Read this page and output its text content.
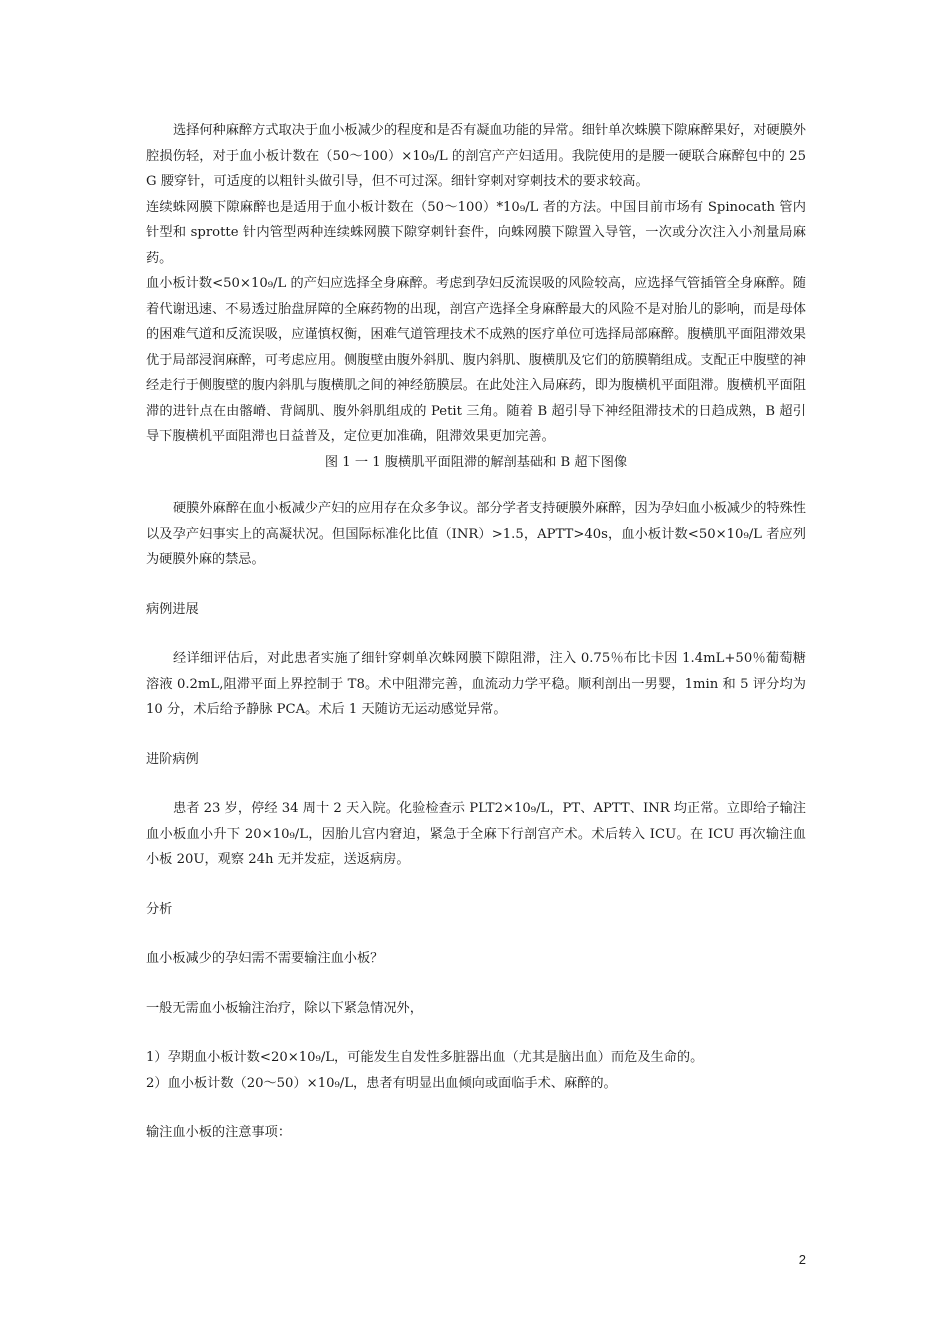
选择何种麻醉方式取决于血小板减少的程度和是否有凝血功能的异常。细针单次蛛膜下隙麻醉果好，对硬膜外腔损伤轻，对于血小板计数在（50～100）×10₉/L 的剖宫产产妇适用。我院使用的是腰一硬联合麻醉包中的 25G 腰穿针，可适度的以粗针头做引导，但不可过深。细针穿刺对穿刺技术的要求较高。

连续蛛网膜下隙麻醉也是适用于血小板计数在（50～100）*10₉/L 者的方法。中国目前市场有 Spinocath 管内针型和 sprotte 针内管型两种连续蛛网膜下隙穿刺针套件，向蛛网膜下隙置入导管，一次或分次注入小剂量局麻药。

血小板计数<50×10₉/L 的产妇应选择全身麻醉。考虑到孕妇反流误吸的风险较高，应选择气管插管全身麻醉。随着代谢迅速、不易透过胎盘屏障的全麻药物的出现，剖宫产选择全身麻醉最大的风险不是对胎儿的影响，而是母体的困难气道和反流误吸，应谨慎权衡，困难气道管理技术不成熟的医疗单位可选择局部麻醉。腹横肌平面阻滞效果优于局部浸润麻醉，可考虑应用。侧腹壁由腹外斜肌、腹内斜肌、腹横肌及它们的筋膜鞘组成。支配正中腹壁的神经走行于侧腹壁的腹内斜肌与腹横肌之间的神经筋膜层。在此处注入局麻药，即为腹横机平面阻滞。腹横机平面阻滞的进针点在由髂嵴、背阔肌、腹外斜肌组成的 Petit 三角。随着 B 超引导下神经阻滞技术的日趋成熟，B 超引导下腹横机平面阻滞也日益普及，定位更加准确，阻滞效果更加完善。

图 1 一 1 腹横肌平面阻滞的解剖基础和 B 超下图像

硬膜外麻醉在血小板减少产妇的应用存在众多争议。部分学者支持硬膜外麻醉，因为孕妇血小板减少的特殊性以及孕产妇事实上的高凝状况。但国际标准化比值（INR）>1.5，APTT>40s，血小板计数<50×10₉/L 者应列为硬膜外麻的禁忌。

病例进展

经详细评估后，对此患者实施了细针穿刺单次蛛网膜下隙阻滞，注入 0.75％布比卡因 1.4mL+50％葡萄糖溶液 0.2mL,阻滞平面上界控制于 T8。术中阻滞完善，血流动力学平稳。顺利剖出一男婴，1min 和 5 评分均为 10 分，术后给予静脉 PCA。术后 1 天随访无运动感觉异常。

进阶病例

患者 23 岁，停经 34 周十 2 天入院。化验检查示 PLT2×10₉/L，PT、APTT、INR 均正常。立即给子输注血小板血小升下 20×10₉/L，因胎儿宫内窘迫，紧急于全麻下行剖宫产术。术后转入 ICU。在 ICU 再次输注血小板 20U，观察 24h 无并发症，送返病房。

分析

血小板减少的孕妇需不需要输注血小板？

一般无需血小板输注治疗，除以下紧急情况外，

1）孕期血小板计数<20×10₉/L，可能发生自发性多脏器出血（尤其是脑出血）而危及生命的。

2）血小板计数（20～50）×10₉/L，患者有明显出血倾向或面临手术、麻醉的。

输注血小板的注意事项：

2
